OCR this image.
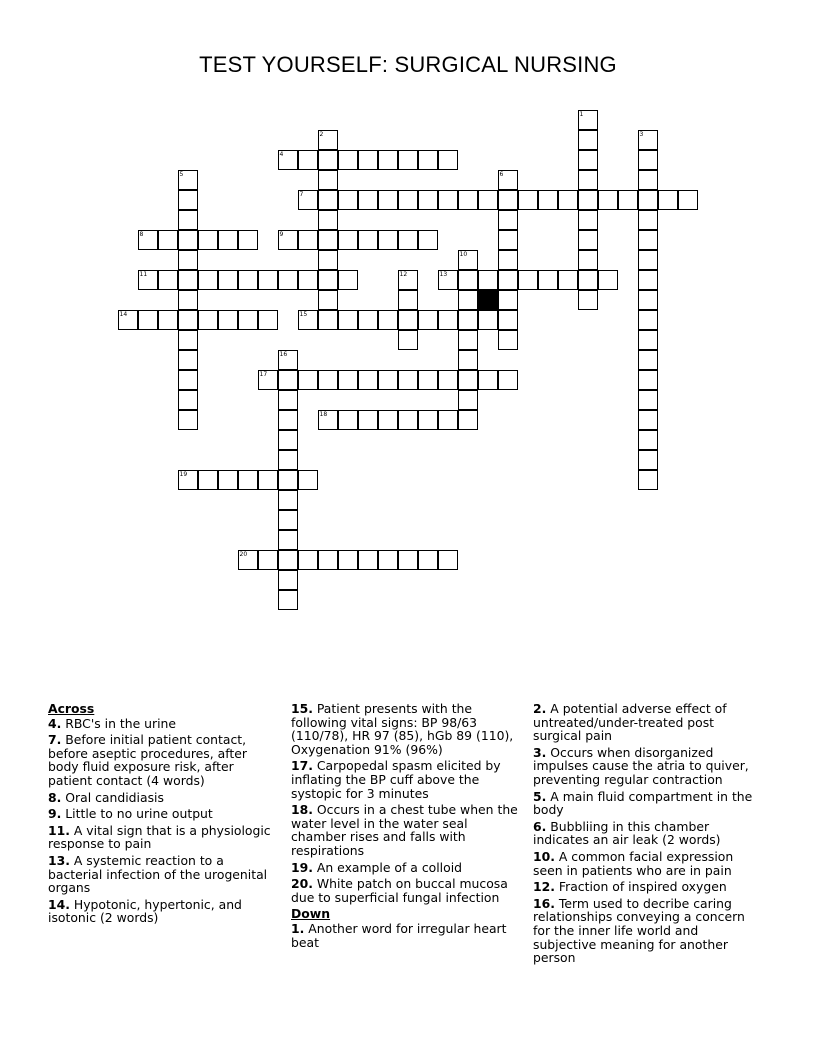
TEST YOURSELF: SURGICAL NURSING
1
2	3
4
5	6
7
8	9
10
11	12	13
14	15
16
17
18
19
20
Across
4. RBC's in the urine
7. Before initial patient contact, before aseptic procedures, after body fluid exposure risk, after patient contact (4 words)
8. Oral candidiasis
9. Little to no urine output
11. A vital sign that is a physiologic response to pain
13. A systemic reaction to a bacterial infection of the urogenital organs
14. Hypotonic, hypertonic, and isotonic (2 words)
15. Patient presents with the following vital signs: BP 98/63 (110/78), HR 97 (85), hGb 89 (110), Oxygenation 91% (96%)
17. Carpopedal spasm elicited by inflating the BP cuff above the systopic for 3 minutes
18. Occurs in a chest tube when the water level in the water seal chamber rises and falls with respirations
19. An example of a colloid
20. White patch on buccal mucosa due to superficial fungal infection
Down
1. Another word for irregular heart beat
2. A potential adverse effect of untreated/under-treated post surgical pain
3. Occurs when disorganized impulses cause the atria to quiver, preventing regular contraction
5. A main fluid compartment in the body
6. Bubbliing in this chamber indicates an air leak (2 words)
10. A common facial expression seen in patients who are in pain
12. Fraction of inspired oxygen
16. Term used to decribe caring relationships conveying a concern for the inner life world and subjective meaning for another person
